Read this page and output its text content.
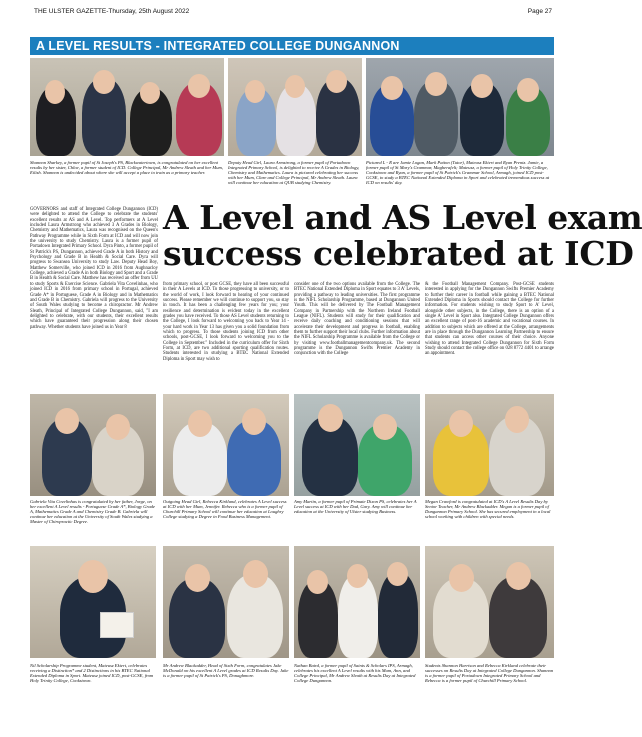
THE ULSTER GAZETTE-Thursday, 25th August 2022	Page 27
A LEVEL RESULTS - INTEGRATED COLLEGE DUNGANNON
Shannon Sharkey, a former pupil of St Joseph's PS, Blackwatertown, is congratulated on her excellent results by her sister, Chloe, a former student of ICD. College Principal, Mr Andrew Sleath and her Mum, Eilish. Shannon is undecided about where she will accept a place to train as a primary teacher.
Deputy Head Girl, Laura Armstrong, a former pupil of Portadown Integrated Primary School, is delighted to receive A Grades in Biology, Chemistry and Mathematics. Laura is pictured celebrating her success with her Mum, Clare and College Principal, Mr Andrew Sleath. Laura will continue her education at QUB studying Chemistry.
Pictured L - R are Jamie Logan, Mark Patton (Tutor), Mateusz Ekiert and Ryan Prentz. Jamie, a former pupil of St Mary's Grammar, Magherafelt; Mateusz, a former pupil of Holy Trinity College, Cookstown and Ryan, a former pupil of St Patrick's Grammar School, Armagh, joined ICD post-GCSE, to study a BTEC National Extended Diploma in Sport and celebrated tremendous success at ICD on results' day.
GOVERNORS and staff of Integrated College Dungannon (ICD) were delighted to attend the College to celebrate the students' excellent results at AS and A Level. Top performers at A Level included Laura Armstrong who achieved 3 A Grades in Biology, Chemistry and Mathematics, Laura was recognised on the Queen's Pathway Programme while in Sixth Form at ICD and will now join the university to study Chemistry. Laura is a former pupil of Portadown Integrated Primary School. Dyra Pinto, a former pupil of St Patrick's PS, Dungannon, achieved Grade A in both History and Psychology and Grade B in Health & Social Care. Dyra will progress to Swansea University to study Law. Deputy Head Boy, Matthew Somerville, who joined ICD in 2016 from Aughnacloy College, achieved a Grade A in both Biology and Sport and a Grade B in Health & Social Care. Matthew has received an offer from UU to study Sports & Exercise Science. Gabriela Vita Covelinhas, who joined ICD in 2016 from primary school in Portugal, achieved Grade A* in Portuguese, Grade A in Biology and in Mathematics and Grade B in Chemistry. Gabriela will progress to the University of South Wales studying to become a chiropractor. Mr Andrew Sleath, Principal of Integrated College Dungannon, said, "I am delighted to celebrate, with our students, their excellent results which have guaranteed their progression along their chosen pathway. Whether students have joined us in Year 8
A Level and AS Level exam
success celebrated at ICD
from primary school, or post GCSE, they have all been successful in their A Levels at ICD. To those progressing to university, or to the world of work, I look forward to hearing of your continued success. Please remember we will continue to support you, so stay in touch. It has been a challenging few years for you; your resilience and determination is evident today in the excellent grades you have received. To those AS Level students returning to the College, I look forward to welcoming you back to Year 14 - your hard work in Year 13 has given you a solid foundation from which to progress. To those students joining ICD from other schools, post-GCSE, I look forward to welcoming you to the College in September." Included in the curriculum offer for Sixth Form, at ICD, are two additional sporting qualification routes. Students interested in studying a BTEC National Extended Diploma in Sport may wish to
consider one of the two options available from the College. The BTEC National Extended Diploma in Sport equates to 3 A' Levels, providing a pathway to leading universities. The first programme is the NIFL Scholarship Programme, based at Dungannon United Youth. This will be delivered by The Football Management Company in Partnership with the Northern Ireland Football League (NIFL). Students will study for their qualification and receive daily coaching and conditioning sessions that will accelerate their development and progress in football, enabling them to further support their local clubs. Further information about the NIFL Scholarship Programme is available from the College or by visiting www.footballmanagementcompany.uk. The second programme is the Dungannon Swifts Premier Academy in conjunction with the College
& the Football Management Company. Post-GCSE students interested in applying for the Dungannon Swifts Premier Academy to further their career in football while gaining a BTEC National Extended Diploma in Sports should contact the College for further information. For students wishing to study Sport to A' Level, alongside other subjects, in the College, there is an option of a single A' Level in Sport also. Integrated College Dungannon offers an excellent range of post-16 academic and vocational courses. In addition to subjects which are offered at the College, arrangements are in place through the Dungannon Learning Partnership to ensure that students can access other courses of their choice. Anyone wishing to attend Integrated College Dungannon for Sixth Form Study should contact the college office on 028 8772 4401 to arrange an appointment.
Gabriela Vita Covelinhas is congratulated by her father, Jorge, on her excellent A Level results - Portuguese Grade A*, Biology Grade A, Mathematics Grade A and Chemistry Grade B. Gabriela will continue her education at the University of South Wales studying a Master of Chiropractic Degree.
Outgoing Head Girl, Rebecca Kirkland, celebrates A Level success at ICD with her Mum, Jennifer. Rebecca who is a former pupil of Churchill Primary School will continue her education at Loughry College studying a Degree in Food Business Management.
Amy Martin, a former pupil of Primate Dixon PS, celebrates her A Level success at ICD with her Dad, Gary. Amy will continue her education at the University of Ulster studying Business.
Megan Crawford is congratulated at ICD's A Level Results Day by Senior Teacher, Mr Andrew Blackadder. Megan is a former pupil of Dungannon Primary School. She has secured employment in a local school working with children with special needs.
Nil Scholarship Programme student, Mateusz Ekiert, celebrates receiving a Distinction* and 2 Distinctions in his BTEC National Extended Diploma in Sport. Mateusz joined ICD, post-GCSE, from Holy Trinity College, Cookstown.
Mr Andrew Blackadder, Head of Sixth Form, congratulates Jake McDonald on his excellent A Level grades at ICD Results Day. Jake is a former pupil of St Patrick's PS, Donaghmore.
Nathan Baird, a former pupil of Saints & Scholars IPS, Armagh, celebrates his excellent A Level results with his Mum, Ann, and College Principal, Mr Andrew Sleath at Results Day at Integrated College Dungannon.
Students Shannon Harrison and Rebecca Kirkland celebrate their successes on Results Day at Integrated College Dungannon. Shannon is a former pupil of Portadown Integrated Primary School and Rebecca is a former pupil of Churchill Primary School.
